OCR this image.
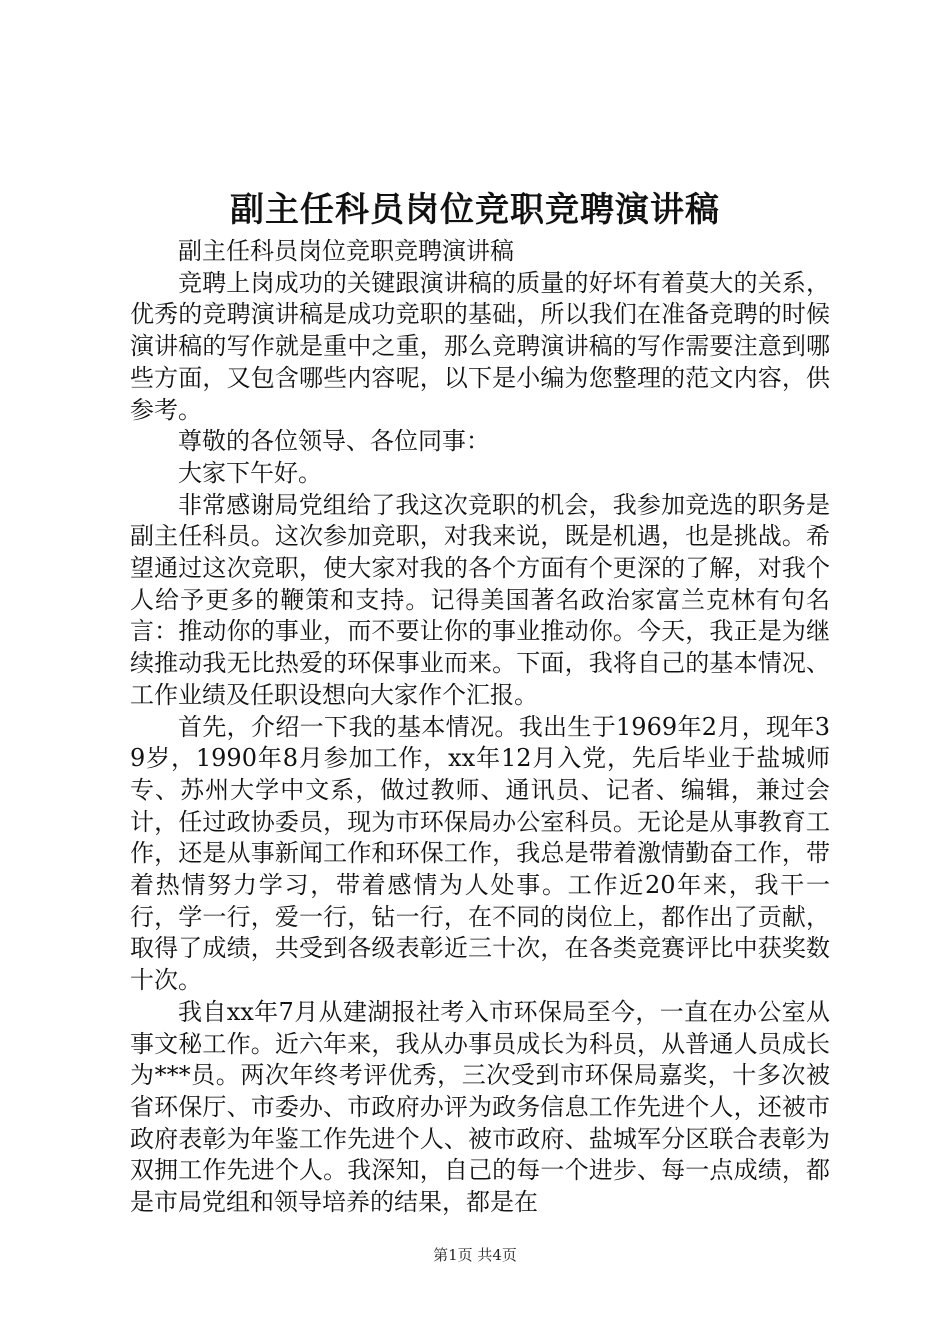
副主任科员岗位竞职竞聘演讲稿

副主任科员岗位竞职竞聘演讲稿

竞聘上岗成功的关键跟演讲稿的质量的好坏有着莫大的关系，优秀的竞聘演讲稿是成功竞职的基础，所以我们在准备竞聘的时候演讲稿的写作就是重中之重，那么竞聘演讲稿的写作需要注意到哪些方面，又包含哪些内容呢，以下是小编为您整理的范文内容，供参考。

尊敬的各位领导、各位同事：

大家下午好。

非常感谢局党组给了我这次竞职的机会，我参加竞选的职务是副主任科员。这次参加竞职，对我来说，既是机遇，也是挑战。希望通过这次竞职，使大家对我的各个方面有个更深的了解，对我个人给予更多的鞭策和支持。记得美国著名政治家富兰克林有句名言：推动你的事业，而不要让你的事业推动你。今天，我正是为继续推动我无比热爱的环保事业而来。下面，我将自己的基本情况、工作业绩及任职设想向大家作个汇报。

首先，介绍一下我的基本情况。我出生于1969年2月，现年39岁，1990年8月参加工作，xx年12月入党，先后毕业于盐城师专、苏州大学中文系，做过教师、通讯员、记者、编辑，兼过会计，任过政协委员，现为市环保局办公室科员。无论是从事教育工作，还是从事新闻工作和环保工作，我总是带着激情勤奋工作，带着热情努力学习，带着感情为人处事。工作近20年来，我干一行，学一行，爱一行，钻一行，在不同的岗位上，都作出了贡献，取得了成绩，共受到各级表彰近三十次，在各类竞赛评比中获奖数十次。

我自xx年7月从建湖报社考入市环保局至今，一直在办公室从事文秘工作。近六年来，我从办事员成长为科员，从普通人员成长为***员。两次年终考评优秀，三次受到市环保局嘉奖，十多次被省环保厅、市委办、市政府办评为政务信息工作先进个人，还被市政府表彰为年鉴工作先进个人、被市政府、盐城军分区联合表彰为双拥工作先进个人。我深知，自己的每一个进步、每一点成绩，都是市局党组和领导培养的结果，都是在

第1页 共4页
